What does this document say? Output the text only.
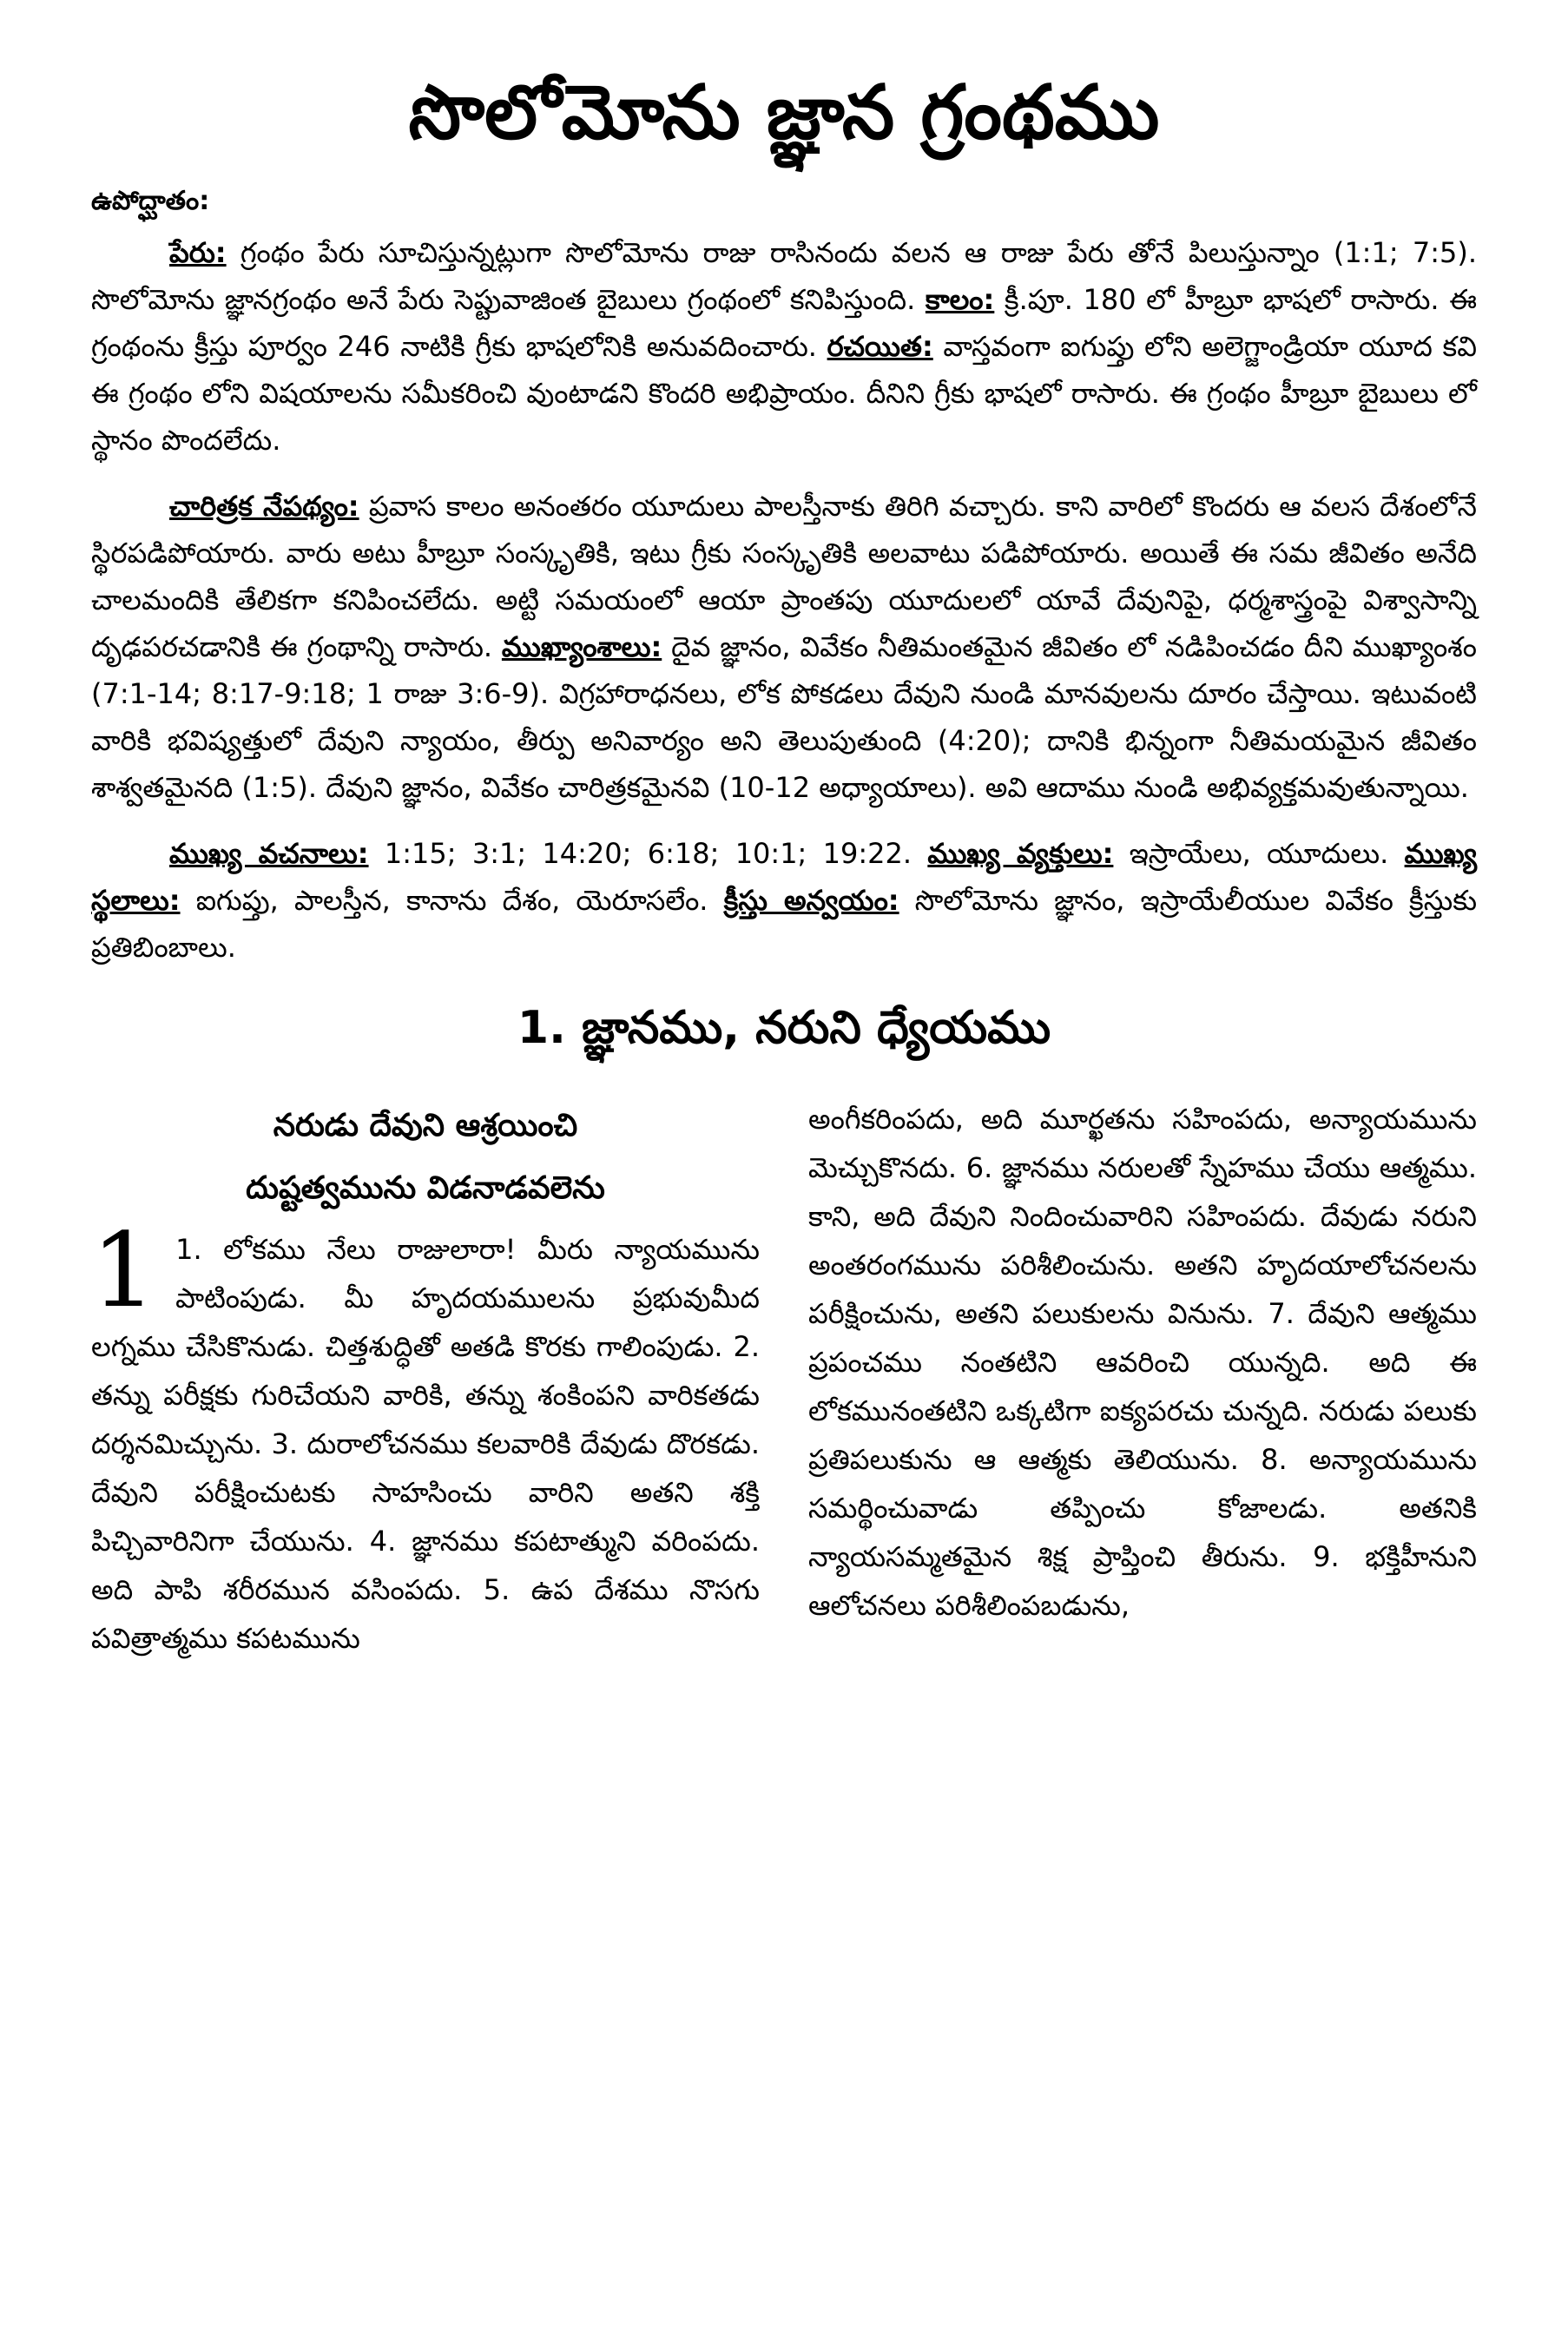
సొలోమోను జ్ఞాన గ్రంథము
ఉపోద్ఘాతం:

పేరు: గ్రంథం పేరు సూచిస్తున్నట్లుగా సొలోమోను రాజు రాసినందు వలన ఆ రాజు పేరు తోనే పిలుస్తున్నాం (1:1; 7:5). సొలోమోను జ్ఞానగ్రంథం అనే పేరు సెప్టువాజింత బైబులు గ్రంథంలో కనిపిస్తుంది. కాలం: క్రీ.పూ. 180 లో హీబ్రూ భాషలో రాసారు. ఈ గ్రంథంను క్రీస్తు పూర్వం 246 నాటికి గ్రీకు భాషలోనికి అనువదించారు. రచయిత: వాస్తవంగా ఐగుప్తు లోని అలెగ్జాండ్రియా యూద కవి ఈ గ్రంథం లోని విషయాలను సమీకరించి వుంటాడని కొందరి అభిప్రాయం. దీనిని గ్రీకు భాషలో రాసారు. ఈ గ్రంథం హీబ్రూ బైబులు లో స్థానం పొందలేదు.

చారిత్రక నేపథ్యం: ప్రవాస కాలం అనంతరం యూదులు పాలస్తీనాకు తిరిగి వచ్చారు. కాని వారిలో కొందరు ఆ వలస దేశంలోనే స్థిరపడిపోయారు. వారు అటు హీబ్రూ సంస్కృతికి, ఇటు గ్రీకు సంస్కృతికి అలవాటు పడిపోయారు. అయితే ఈ సమ జీవితం అనేది చాలమందికి తేలికగా కనిపించలేదు. అట్టి సమయంలో ఆయా ప్రాంతపు యూదులలో యావే దేవునిపై, ధర్మశాస్త్రంపై విశ్వాసాన్ని దృఢపరచడానికి ఈ గ్రంథాన్ని రాసారు. ముఖ్యాంశాలు: దైవ జ్ఞానం, వివేకం నీతిమంతమైన జీవితం లో నడిపించడం దీని ముఖ్యాంశం (7:1-14; 8:17-9:18; 1 రాజు 3:6-9). విగ్రహారాధనలు, లోక పోకడలు దేవుని నుండి మానవులను దూరం చేస్తాయి. ఇటువంటి వారికి భవిష్యత్తులో దేవుని న్యాయం, తీర్పు అనివార్యం అని తెలుపుతుంది (4:20); దానికి భిన్నంగా నీతిమయమైన జీవితం శాశ్వతమైనది (1:5). దేవుని జ్ఞానం, వివేకం చారిత్రకమైనవి (10-12 అధ్యాయాలు). అవి ఆదాము నుండి అభివ్యక్తమవుతున్నాయి.

ముఖ్య వచనాలు: 1:15; 3:1; 14:20; 6:18; 10:1; 19:22. ముఖ్య వ్యక్తులు: ఇస్రాయేలు, యూదులు. ముఖ్య స్థలాలు: ఐగుప్తు, పాలస్తీన, కానాను దేశం, యెరూసలేం. క్రీస్తు అన్వయం: సొలోమోను జ్ఞానం, ఇస్రాయేలీయుల వివేకం క్రీస్తుకు ప్రతిబింబాలు.

1. జ్ఞానము, నరుని ధ్యేయము
నరుడు దేవుని ఆశ్రయించి
దుష్టత్వమును విడనాడవలెను
1 1. లోకము నేలు రాజులారా! మీరు న్యాయమును పాటింపుడు. మీ హృదయములను ప్రభువుమీద లగ్నము చేసికొనుడు. చిత్తశుద్ధితో అతడి కొరకు గాలింపుడు. 2. తన్ను పరీక్షకు గురిచేయని వారికి, తన్ను శంకింపని వారికతడు దర్శనమిచ్చును. 3. దురాలోచనము కలవారికి దేవుడు దొరకడు. దేవుని పరీక్షించుటకు సాహసించు వారిని అతని శక్తి పిచ్చివారినిగా చేయును. 4. జ్ఞానము కపటాత్ముని వరింపదు. అది పాపి శరీరమున వసింపదు. 5. ఉప దేశము నొసగు పవిత్రాత్మము కపటమును
అంగీకరింపదు, అది మూర్ఖతను సహింపదు, అన్యాయమును మెచ్చుకొనదు. 6. జ్ఞానము నరులతో స్నేహము చేయు ఆత్మము. కాని, అది దేవుని నిందించువారిని సహింపదు. దేవుడు నరుని అంతరంగమును పరిశీలించును. అతని హృదయాలోచనలను పరీక్షించును, అతని పలుకులను వినును. 7. దేవుని ఆత్మము ప్రపంచము నంతటిని ఆవరించి యున్నది. అది ఈ లోకమునంతటిని ఒక్కటిగా ఐక్యపరచు చున్నది. నరుడు పలుకు ప్రతిపలుకును ఆ ఆత్మకు తెలియును. 8. అన్యాయమును సమర్థించువాడు తప్పించు కోజాలడు. అతనికి న్యాయసమ్మతమైన శిక్ష ప్రాప్తించి తీరును. 9. భక్తిహీనుని ఆలోచనలు పరిశీలింపబడును,
